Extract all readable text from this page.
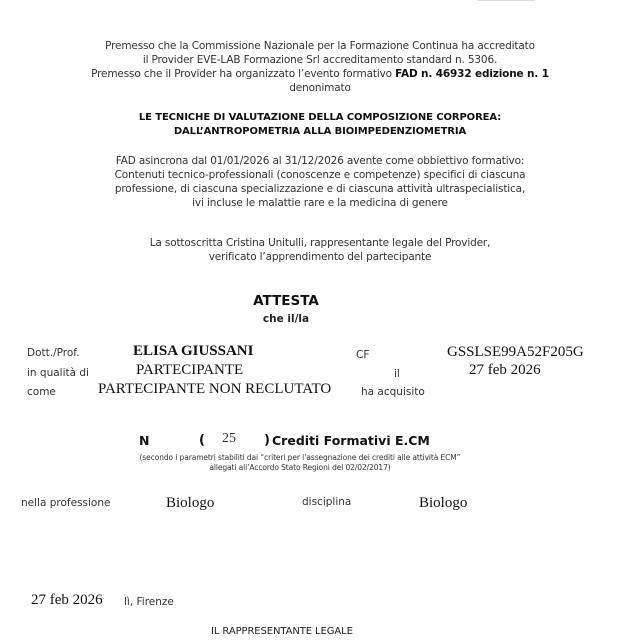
Premesso che la Commissione Nazionale per la Formazione Continua ha accreditato
il Provider EVE-LAB Formazione Srl accreditamento standard n. 5306.
Premesso che il Provider ha organizzato l’evento formativo FAD n. 46932 edizione n. 1
denonimato
LE TECNICHE DI VALUTAZIONE DELLA COMPOSIZIONE CORPOREA:
DALL’ANTROPOMETRIA ALLA BIOIMPEDENZIOMETRIA
FAD asincrona dal 01/01/2026 al 31/12/2026 avente come obbiettivo formativo:
Contenuti tecnico-professionali (conoscenze e competenze) specifici di ciascuna
professione, di ciascuna specializzazione e di ciascuna attività ultraspecialistica,
ivi incluse le malattie rare e la medicina di genere
La sottoscritta Cristina Unitulli, rappresentante legale del Provider,
verificato l’apprendimento del partecipante
ATTESTA
che il/la
Dott./Prof.	ELISA GIUSSANI	CF	GSSLSE99A52F205G
in qualità di	PARTECIPANTE	il	27 feb 2026
come	PARTECIPANTE NON RECLUTATO	ha acquisito
N	( 25 ) Crediti Formativi E.CM
(secondo i parametri stabiliti dai “criteri per l’assegnazione dei crediti alle attività ECM”
allegati all’Accordo Stato Regioni del 02/02/2017)
nella professione	Biologo	disciplina	Biologo
27 feb 2026 lì, Firenze
IL RAPPRESENTANTE LEGALE
